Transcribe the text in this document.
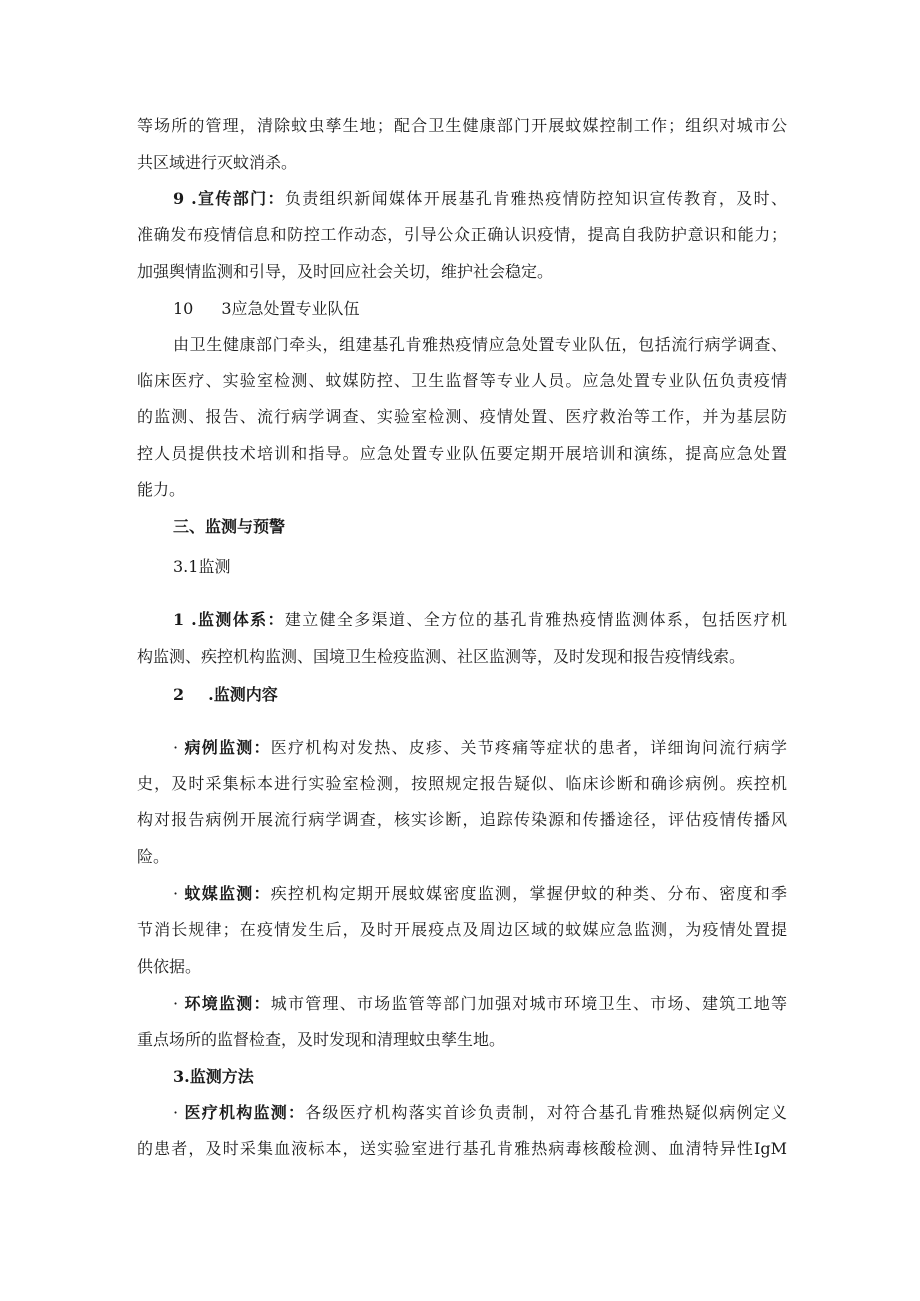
等场所的管理，清除蚊虫孳生地；配合卫生健康部门开展蚊媒控制工作；组织对城市公
共区域进行灭蚊消杀。
9 .宣传部门：负责组织新闻媒体开展基孔肯雅热疫情防控知识宣传教育，及时、
准确发布疫情信息和防控工作动态，引导公众正确认识疫情，提高自我防护意识和能力；
加强舆情监测和引导，及时回应社会关切，维护社会稳定。
10 3应急处置专业队伍
由卫生健康部门牵头，组建基孔肯雅热疫情应急处置专业队伍，包括流行病学调查、
临床医疗、实验室检测、蚊媒防控、卫生监督等专业人员。应急处置专业队伍负责疫情
的监测、报告、流行病学调查、实验室检测、疫情处置、医疗救治等工作，并为基层防
控人员提供技术培训和指导。应急处置专业队伍要定期开展培训和演练，提高应急处置
能力。
三、监测与预警
3.1监测
1 .监测体系：建立健全多渠道、全方位的基孔肯雅热疫情监测体系，包括医疗机
构监测、疾控机构监测、国境卫生检疫监测、社区监测等，及时发现和报告疫情线索。
2 .监测内容
· 病例监测：医疗机构对发热、皮疹、关节疼痛等症状的患者，详细询问流行病学
史，及时采集标本进行实验室检测，按照规定报告疑似、临床诊断和确诊病例。疾控机
构对报告病例开展流行病学调查，核实诊断，追踪传染源和传播途径，评估疫情传播风
险。
· 蚊媒监测：疾控机构定期开展蚊媒密度监测，掌握伊蚊的种类、分布、密度和季
节消长规律；在疫情发生后，及时开展疫点及周边区域的蚊媒应急监测，为疫情处置提
供依据。
· 环境监测：城市管理、市场监管等部门加强对城市环境卫生、市场、建筑工地等
重点场所的监督检查，及时发现和清理蚊虫孳生地。
3.监测方法
· 医疗机构监测：各级医疗机构落实首诊负责制，对符合基孔肯雅热疑似病例定义
的患者，及时采集血液标本，送实验室进行基孔肯雅热病毒核酸检测、血清特异性IgM
